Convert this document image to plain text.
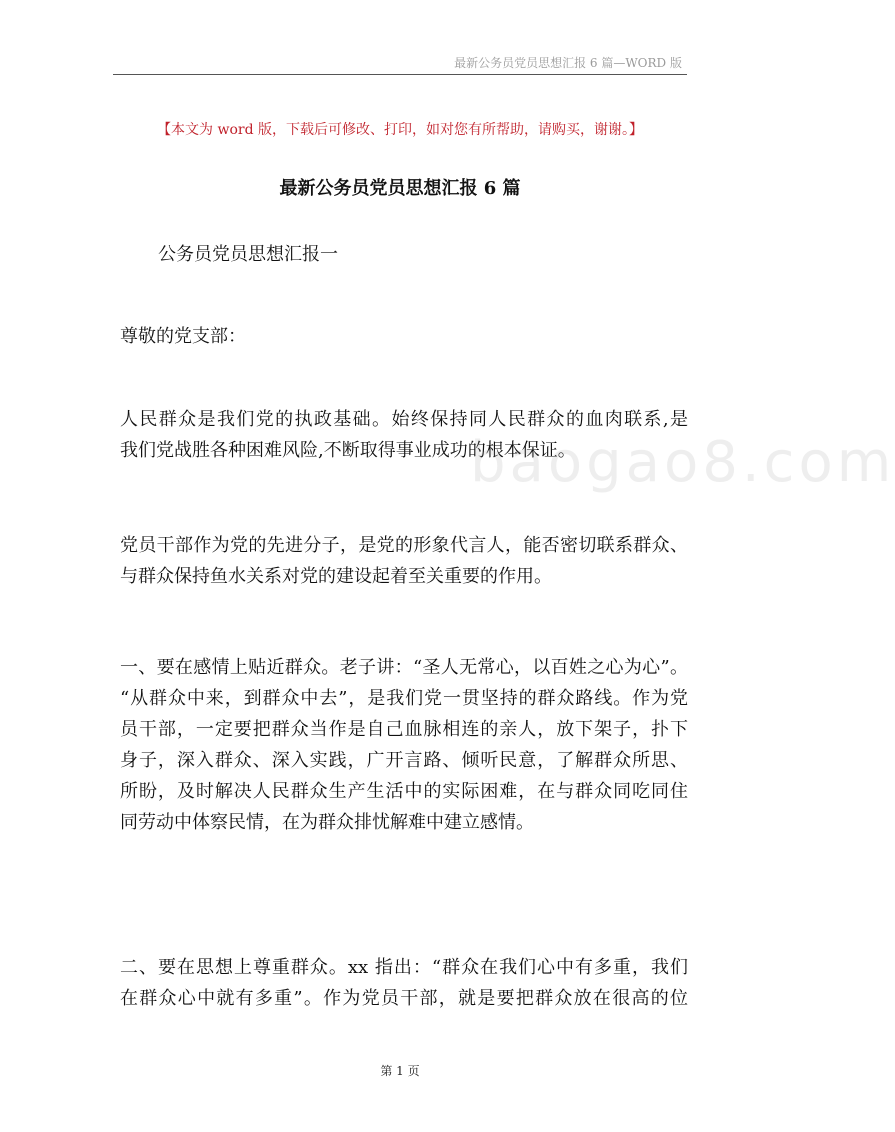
最新公务员党员思想汇报 6 篇—WORD 版
【本文为 word 版，下载后可修改、打印，如对您有所帮助，请购买，谢谢。】
最新公务员党员思想汇报 6 篇
公务员党员思想汇报一
尊敬的党支部：
人民群众是我们党的执政基础。始终保持同人民群众的血肉联系,是
我们党战胜各种困难风险,不断取得事业成功的根本保证。
党员干部作为党的先进分子，是党的形象代言人，能否密切联系群众、
与群众保持鱼水关系对党的建设起着至关重要的作用。
一、要在感情上贴近群众。老子讲：“圣人无常心，以百姓之心为心”。
“从群众中来，到群众中去”，是我们党一贯坚持的群众路线。作为党
员干部，一定要把群众当作是自己血脉相连的亲人，放下架子，扑下
身子，深入群众、深入实践，广开言路、倾听民意，了解群众所思、
所盼，及时解决人民群众生产生活中的实际困难，在与群众同吃同住
同劳动中体察民情，在为群众排忧解难中建立感情。
二、要在思想上尊重群众。xx 指出：“群众在我们心中有多重，我们
在群众心中就有多重”。作为党员干部，就是要把群众放在很高的位
baogao8.com
第 1 页
